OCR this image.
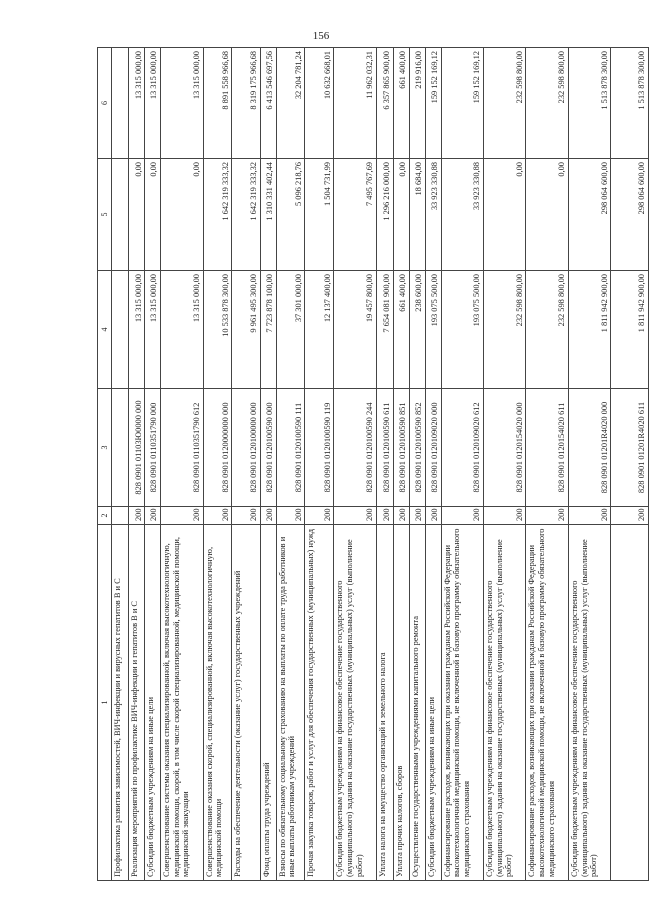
156
1	2	3	4	5	6
Профилактика развития зависимостей, ВИЧ-инфекции и вирусных гепатитов В и С					
Реализация мероприятий по профилактике ВИЧ-инфекции и гепатитов В и С	200	828 0901 01103Ю0000 000	13 315 000,00	0,00	13 315 000,00
Субсидии бюджетным учреждениям на иные цели	200	828 0901 0110351790 000	13 315 000,00	0,00	13 315 000,00
Совершенствование системы оказания специализированной, включая высокотехнологичную, медицинской помощи, скорой, в том числе скорой специализированной, медицинской помощи, медицинской эвакуации	200	828 0901 0110351790 612	13 315 000,00	0,00	13 315 000,00
Совершенствование оказания скорой, специализированной, включая высокотехнологичную, медицинской помощи	200	828 0901 0120000000 000	10 533 878 300,00	1 642 319 333,32	8 891 558 966,68
Расходы на обеспечение деятельности (оказание услуг) государственных учреждений	200	828 0901 0120100000 000	9 961 495 300,00	1 642 319 333,32	8 319 175 966,68
Фонд оплаты труда учреждений	200	828 0901 0120100590 000	7 723 878 100,00	1 310 331 402,44	6 413 546 697,56
Взносы по обязательному социальному страхованию на выплаты по оплате труда работников и иные выплаты работникам учреждений	200	828 0901 0120100590 111	37 301 000,00	5 096 218,76	32 204 781,24
Прочая закупка товаров, работ и услуг для обеспечения государственных (муниципальных) нужд	200	828 0901 0120100590 119	12 137 400,00	1 504 731,99	10 632 668,01
Субсидии бюджетным учреждениям на финансовое обеспечение государственного (муниципального) задания на оказание государственных (муниципальных) услуг (выполнение работ)	200	828 0901 0120100590 244	19 457 800,00	7 495 767,69	11 962 032,31
Уплата налога на имущество организаций и земельного налога	200	828 0901 0120100590 611	7 654 081 900,00	1 296 216 000,00	6 357 865 900,00
Уплата прочих налогов, сборов	200	828 0901 0120100590 851	661 400,00	0,00	661 400,00
Осуществление государственными учреждениями капитального ремонта	200	828 0901 0120100590 852	238 600,00	18 684,00	219 916,00
Субсидии бюджетным учреждениям на иные цели	200	828 0901 0120109020 000	193 075 500,00	33 923 330,88	159 152 169,12
Софинансирование расходов, возникающих при оказании гражданам Российской Федерации высокотехнологичной медицинской помощи, не включенной в базовую программу обязательного медицинского страхования	200	828 0901 0120109020 612	193 075 500,00	33 923 330,88	159 152 169,12
Субсидии бюджетным учреждениям на финансовое обеспечение государственного (муниципального) задания на оказание государственных (муниципальных) услуг (выполнение работ)	200	828 0901 0120154020 000	232 598 800,00	0,00	232 598 800,00
Софинансирование расходов, возникающих при оказании гражданам Российской Федерации высокотехнологичной медицинской помощи, не включенной в базовую программу обязательного медицинского страхования	200	828 0901 0120154020 611	232 598 800,00	0,00	232 598 800,00
Субсидии бюджетным учреждениям на финансовое обеспечение государственного (муниципального) задания на оказание государственных (муниципальных) услуг (выполнение работ)	200	828 0901 01201R4020 000	1 811 942 900,00	298 064 600,00	1 513 878 300,00
	200	828 0901 01201R4020 611	1 811 942 900,00	298 064 600,00	1 513 878 300,00
